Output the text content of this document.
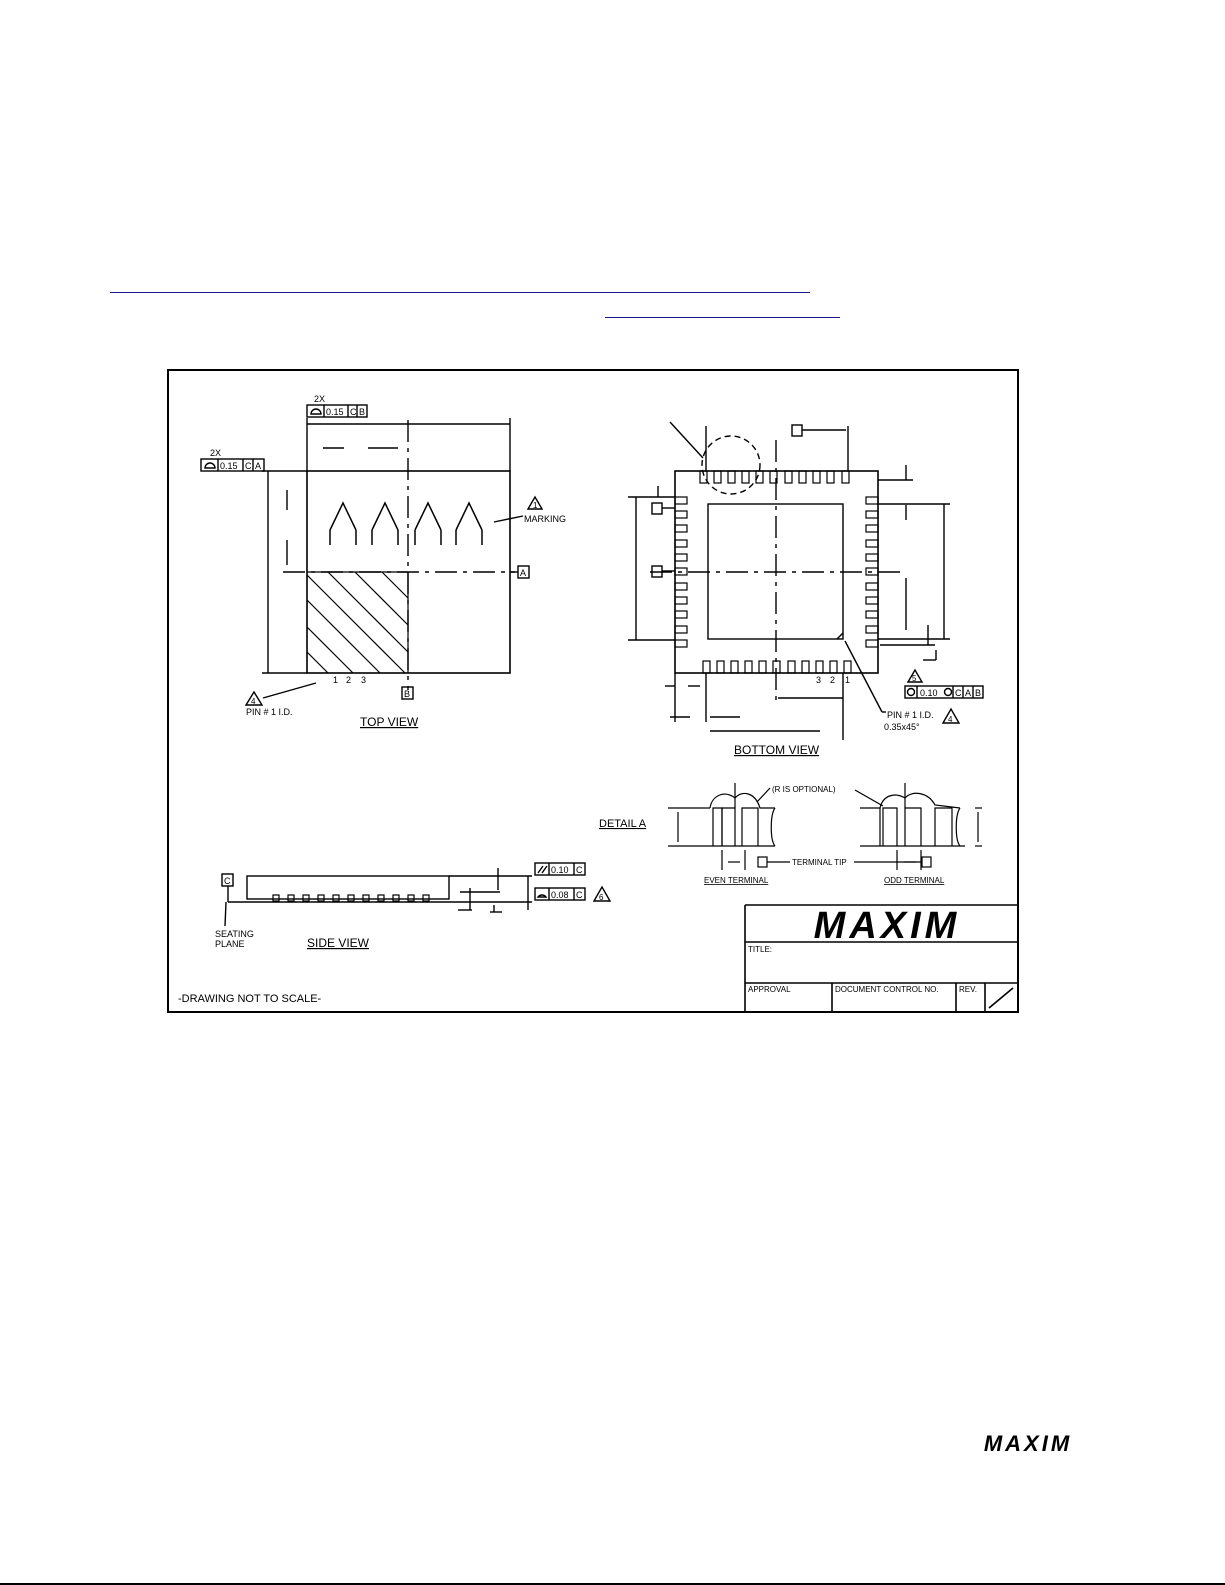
MAXIM
2X
0.15 C B
2X
0.15 C A
1
MARKING
A
B
1 2 3
4
PIN # 1 I.D.
TOP VIEW
3 2 1	5
0.10 C A B
PIN # 1 I.D. 4
0.35x45°
BOTTOM VIEW
DETAIL A
(R IS OPTIONAL)
TERMINAL TIP
EVEN TERMINAL	ODD TERMINAL
C
SEATING
PLANE	SIDE VIEW
0.10 C
0.08 C 6
TITLE:
APPROVAL	DOCUMENT CONTROL NO.	REV.
-DRAWING NOT TO SCALE-
MAXIM
